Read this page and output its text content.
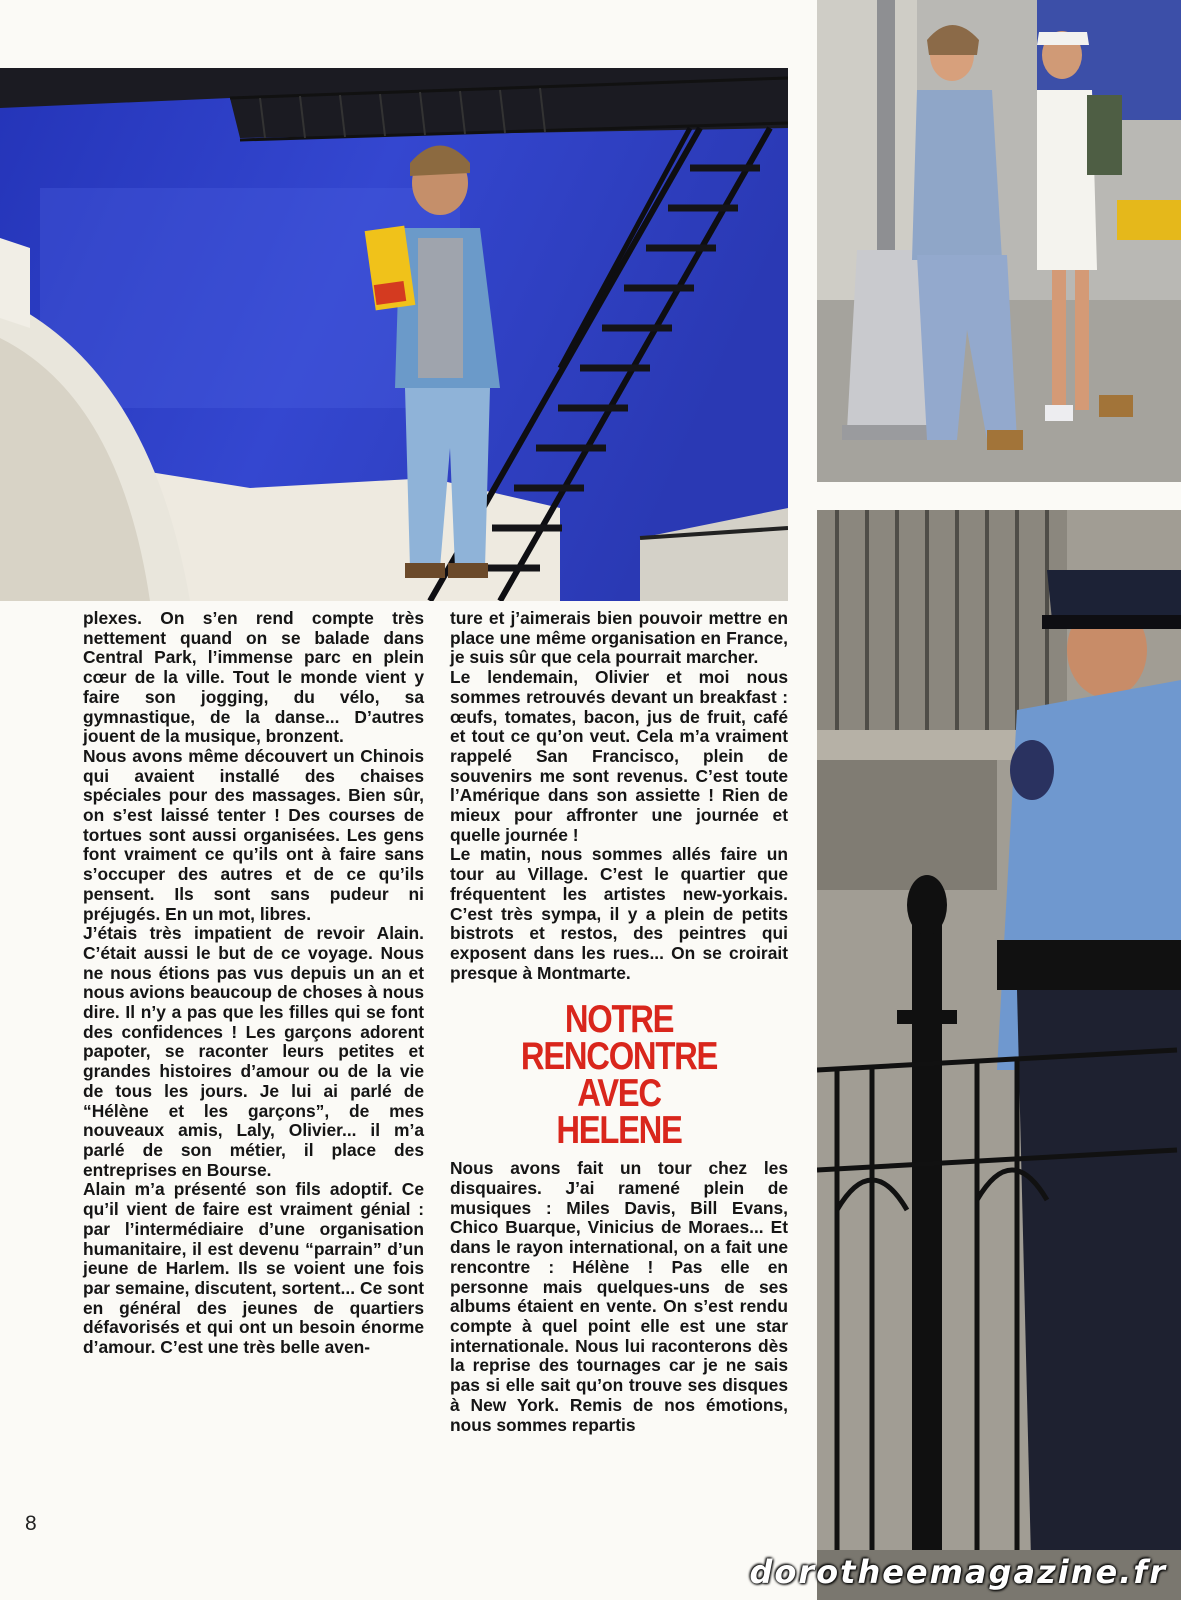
plexes. On s’en rend compte très nettement quand on se balade dans Central Park, l’immense parc en plein cœur de la ville. Tout le monde vient y faire son jogging, du vélo, sa gymnastique, de la danse... D’autres jouent de la musique, bronzent.

Nous avons même découvert un Chinois qui avaient installé des chaises spéciales pour des massages. Bien sûr, on s’est laissé tenter ! Des courses de tortues sont aussi organisées. Les gens font vraiment ce qu’ils ont à faire sans s’occuper des autres et de ce qu’ils pensent. Ils sont sans pudeur ni préjugés. En un mot, libres.

J’étais très impatient de revoir Alain. C’était aussi le but de ce voyage. Nous ne nous étions pas vus depuis un an et nous avions beaucoup de choses à nous dire. Il n’y a pas que les filles qui se font des confidences ! Les garçons adorent papoter, se raconter leurs petites et grandes histoires d’amour ou de la vie de tous les jours. Je lui ai parlé de “Hélène et les garçons”, de mes nouveaux amis, Laly, Olivier... il m’a parlé de son métier, il place des entreprises en Bourse.

Alain m’a présenté son fils adoptif. Ce qu’il vient de faire est vraiment génial : par l’intermédiaire d’une organisation humanitaire, il est devenu “parrain” d’un jeune de Harlem. Ils se voient une fois par semaine, discutent, sortent... Ce sont en général des jeunes de quartiers défavorisés et qui ont un besoin énorme d’amour. C’est une très belle aven-

ture et j’aimerais bien pouvoir mettre en place une même organisation en France, je suis sûr que cela pourrait marcher.

Le lendemain, Olivier et moi nous sommes retrouvés devant un breakfast : œufs, tomates, bacon, jus de fruit, café et tout ce qu’on veut. Cela m’a vraiment rappelé San Francisco, plein de souvenirs me sont revenus. C’est toute l’Amérique dans son assiette ! Rien de mieux pour affronter une journée et quelle journée !

Le matin, nous sommes allés faire un tour au Village. C’est le quartier que fréquentent les artistes new-yorkais. C’est très sympa, il y a plein de petits bistrots et restos, des peintres qui exposent dans les rues... On se croirait presque à Montmarte.

NOTRE
RENCONTRE AVEC
HELENE

Nous avons fait un tour chez les disquaires. J’ai ramené plein de musiques : Miles Davis, Bill Evans, Chico Buarque, Vinicius de Moraes... Et dans le rayon international, on a fait une rencontre : Hélène ! Pas elle en personne mais quelques-uns de ses albums étaient en vente. On s’est rendu compte à quel point elle est une star internationale. Nous lui raconterons dès la reprise des tournages car je ne sais pas si elle sait qu’on trouve ses disques à New York. Remis de nos émotions, nous sommes repartis

8
dorotheemagazine.fr
